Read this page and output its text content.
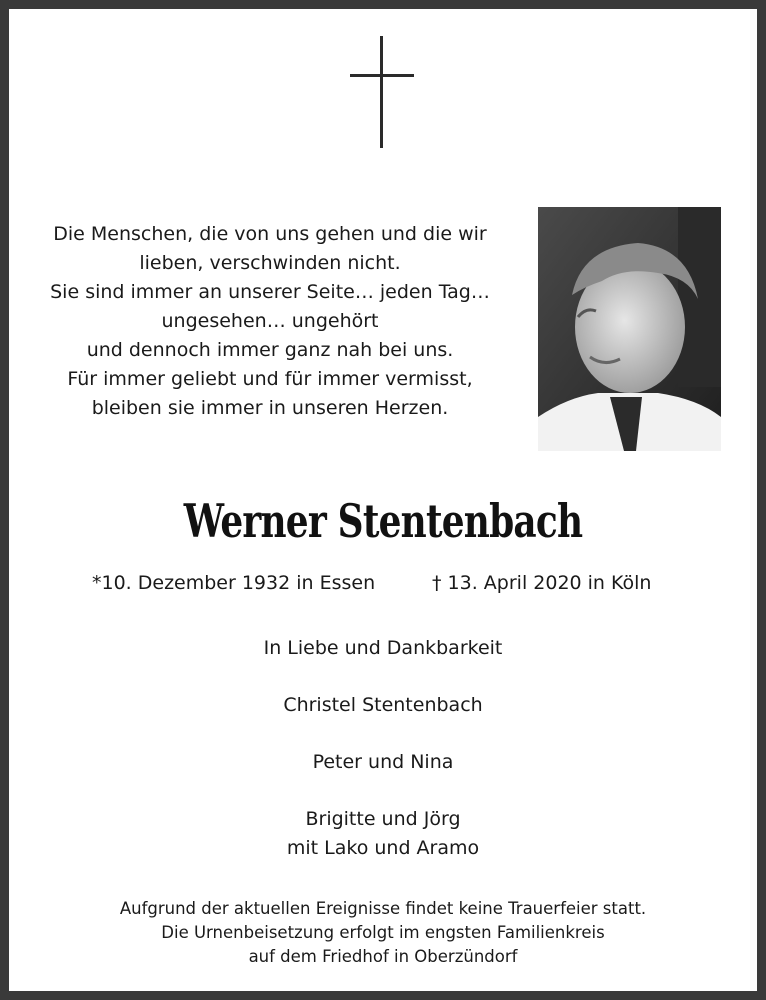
Die Menschen, die von uns gehen und die wir
lieben, verschwinden nicht.
Sie sind immer an unserer Seite… jeden Tag…
ungesehen… ungehört
und dennoch immer ganz nah bei uns.
Für immer geliebt und für immer vermisst,
bleiben sie immer in unseren Herzen.
Werner Stentenbach
*10. Dezember 1932 in Essen	† 13. April 2020 in Köln
In Liebe und Dankbarkeit
Christel Stentenbach
Peter und Nina
Brigitte und Jörg
mit Lako und Aramo
Aufgrund der aktuellen Ereignisse findet keine Trauerfeier statt.
Die Urnenbeisetzung erfolgt im engsten Familienkreis
auf dem Friedhof in Oberzündorf
